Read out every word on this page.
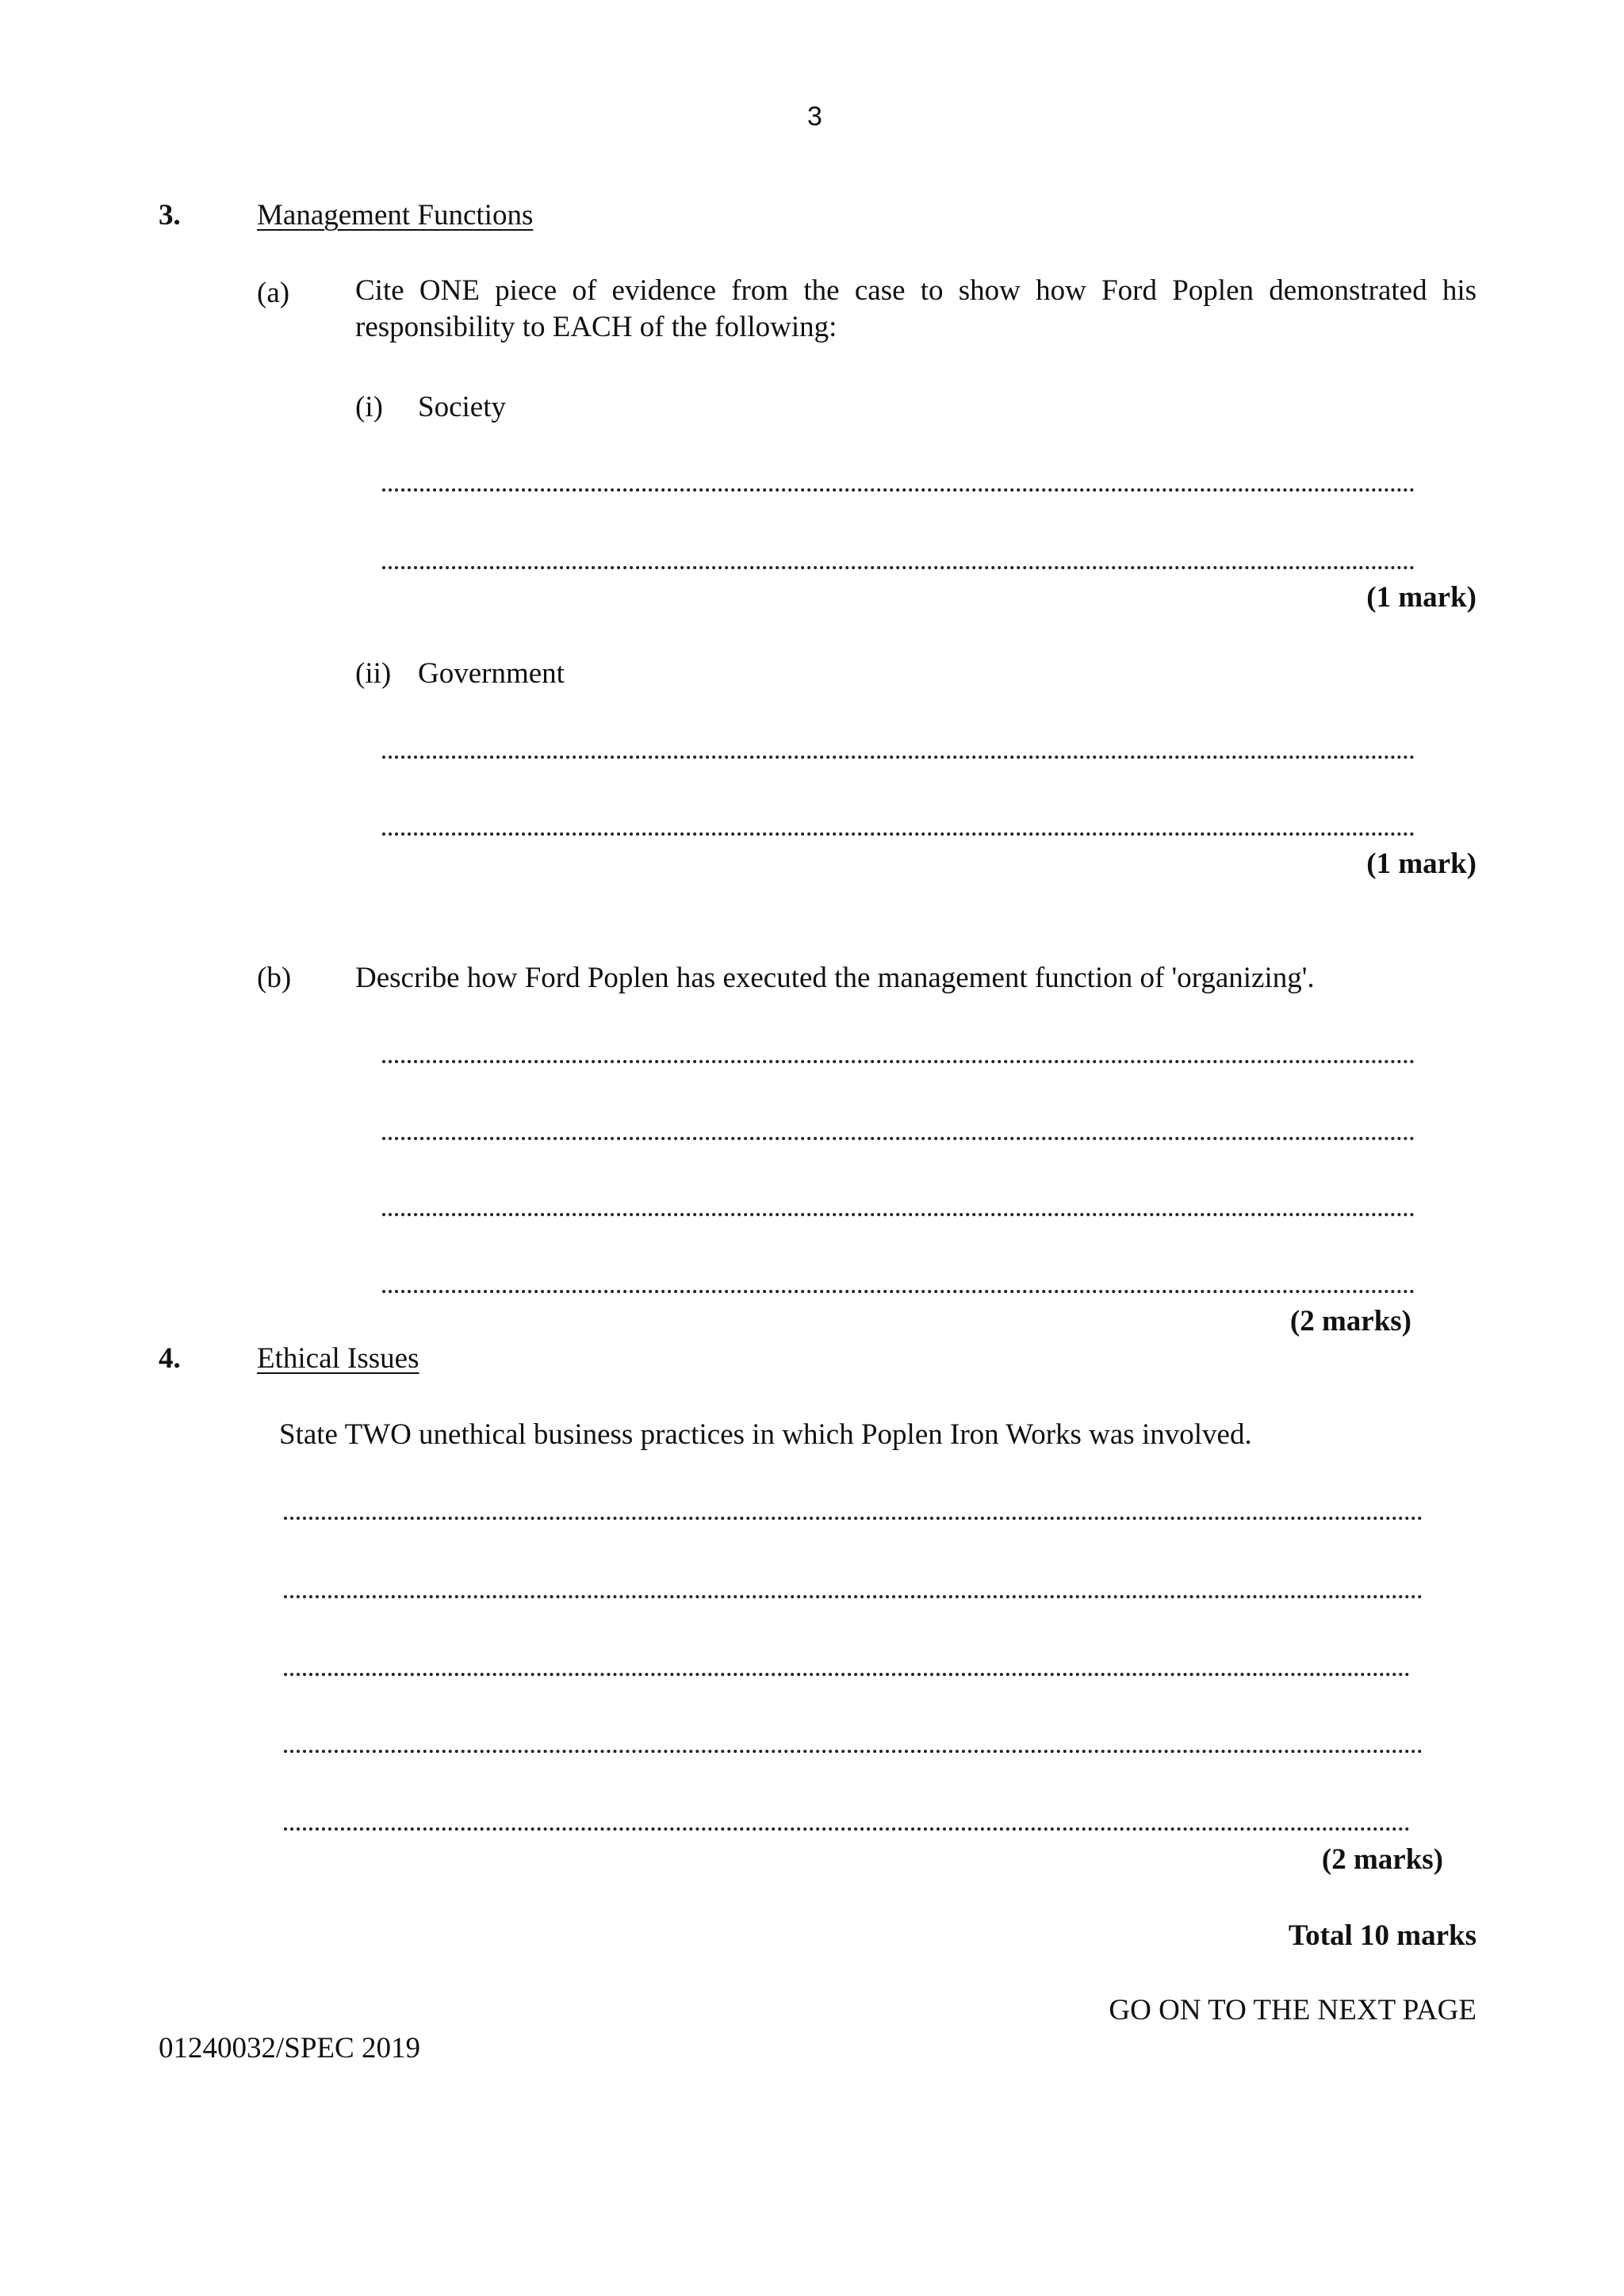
3
3.	Management Functions
(a) Cite ONE piece of evidence from the case to show how Ford Poplen demonstrated his responsibility to EACH of the following:
(i) Society
(1 mark)
(ii) Government
(1 mark)
(b) Describe how Ford Poplen has executed the management function of 'organizing'.
(2 marks)
4.	Ethical Issues
State TWO unethical business practices in which Poplen Iron Works was involved.
(2 marks)
Total 10 marks
GO ON TO THE NEXT PAGE
01240032/SPEC 2019
